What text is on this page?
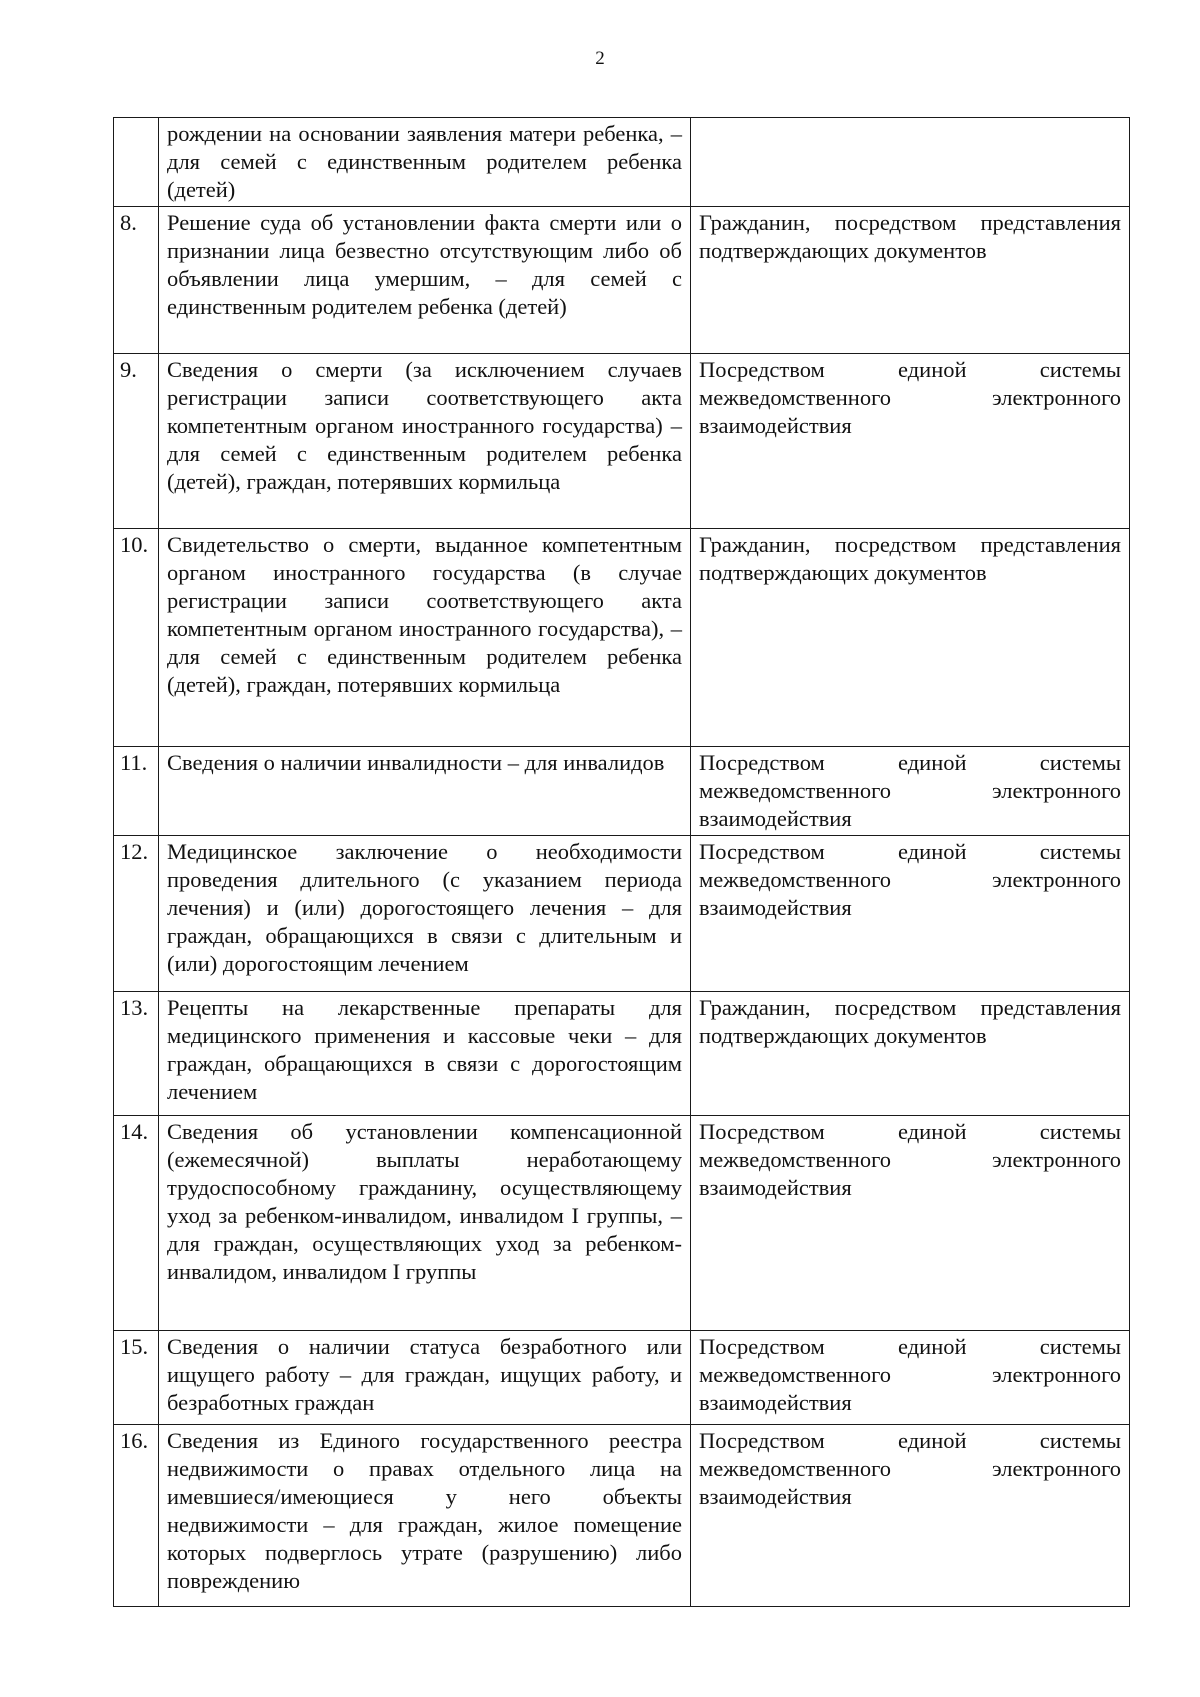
2
	рождении на основании заявления матери ребенка, – для семей с единственным родителем ребенка (детей)	
8.	Решение суда об установлении факта смерти или о признании лица безвестно отсутствующим либо об объявлении лица умершим, – для семей с единственным родителем ребенка (детей)	Гражданин, посредством представления подтверждающих документов
9.	Сведения о смерти (за исключением случаев регистрации записи соответствующего акта компетентным органом иностранного государства) – для семей с единственным родителем ребенка (детей), граждан, потерявших кормильца	Посредством единой системы межведомственного электронного взаимодействия
10.	Свидетельство о смерти, выданное компетентным органом иностранного государства (в случае регистрации записи соответствующего акта компетентным органом иностранного государства), – для семей с единственным родителем ребенка (детей), граждан, потерявших кормильца	Гражданин, посредством представления подтверждающих документов
11.	Сведения о наличии инвалидности – для инвалидов	Посредством единой системы межведомственного электронного взаимодействия
12.	Медицинское заключение о необходимости проведения длительного (с указанием периода лечения) и (или) дорогостоящего лечения – для граждан, обращающихся в связи с длительным и (или) дорогостоящим лечением	Посредством единой системы межведомственного электронного взаимодействия
13.	Рецепты на лекарственные препараты для медицинского применения и кассовые чеки – для граждан, обращающихся в связи с дорогостоящим лечением	Гражданин, посредством представления подтверждающих документов
14.	Сведения об установлении компенсационной (ежемесячной) выплаты неработающему трудоспособному гражданину, осуществляющему уход за ребенком-инвалидом, инвалидом I группы, – для граждан, осуществляющих уход за ребенком-инвалидом, инвалидом I группы	Посредством единой системы межведомственного электронного взаимодействия
15.	Сведения о наличии статуса безработного или ищущего работу – для граждан, ищущих работу, и безработных граждан	Посредством единой системы межведомственного электронного взаимодействия
16.	Сведения из Единого государственного реестра недвижимости о правах отдельного лица на имевшиеся/имеющиеся у него объекты недвижимости – для граждан, жилое помещение которых подверглось утрате (разрушению) либо повреждению	Посредством единой системы межведомственного электронного взаимодействия
